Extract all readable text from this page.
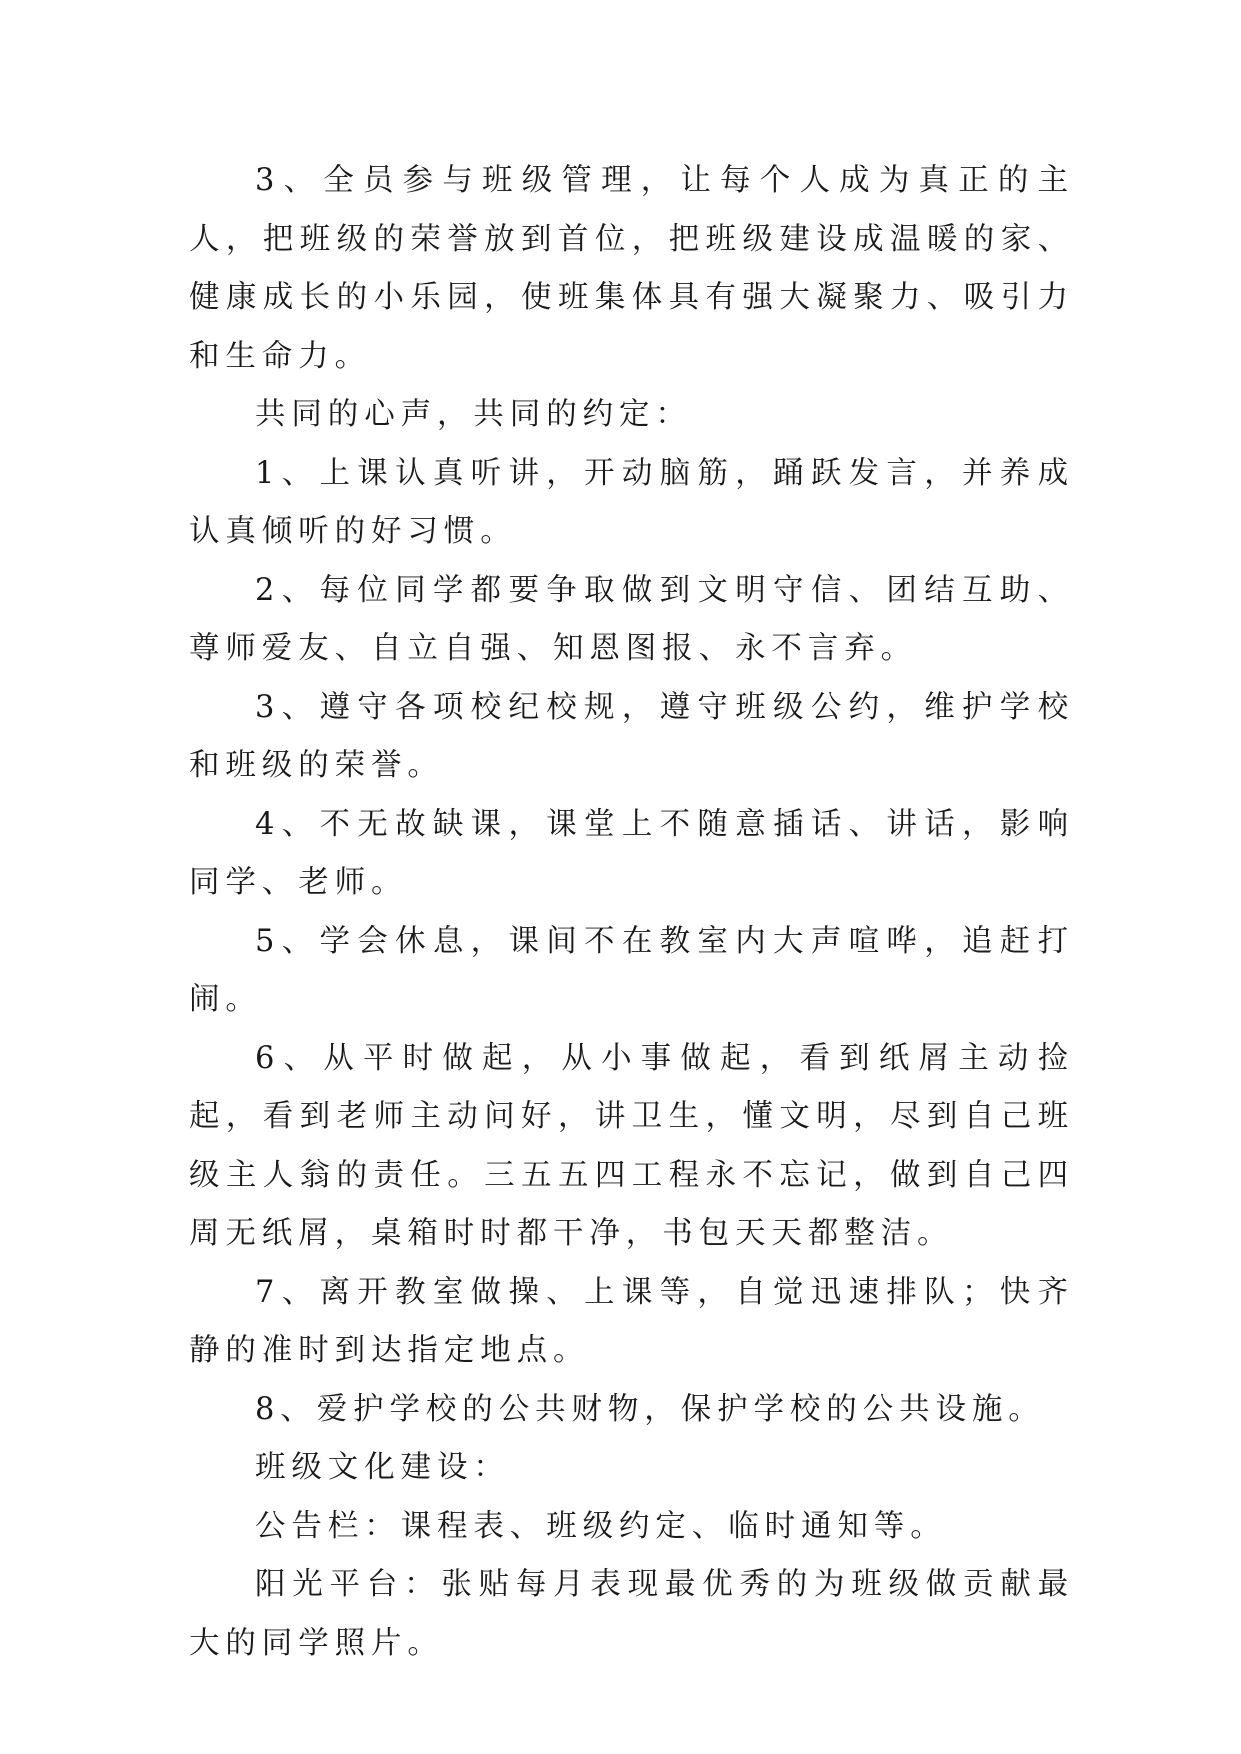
3、全员参与班级管理，让每个人成为真正的主人，把班级的荣誉放到首位，把班级建设成温暖的家、健康成长的小乐园，使班集体具有强大凝聚力、吸引力和生命力。

共同的心声，共同的约定：

1、上课认真听讲，开动脑筋，踊跃发言，并养成认真倾听的好习惯。

2、每位同学都要争取做到文明守信、团结互助、尊师爱友、自立自强、知恩图报、永不言弃。

3、遵守各项校纪校规，遵守班级公约，维护学校和班级的荣誉。

4、不无故缺课，课堂上不随意插话、讲话，影响同学、老师。

5、学会休息，课间不在教室内大声喧哗，追赶打闹。

6、从平时做起，从小事做起，看到纸屑主动捡起，看到老师主动问好，讲卫生，懂文明，尽到自己班级主人翁的责任。三五五四工程永不忘记，做到自己四周无纸屑，桌箱时时都干净，书包天天都整洁。

7、离开教室做操、上课等，自觉迅速排队；快齐静的准时到达指定地点。

8、爱护学校的公共财物，保护学校的公共设施。

班级文化建设：

公告栏：课程表、班级约定、临时通知等。

阳光平台：张贴每月表现最优秀的为班级做贡献最大的同学照片。
